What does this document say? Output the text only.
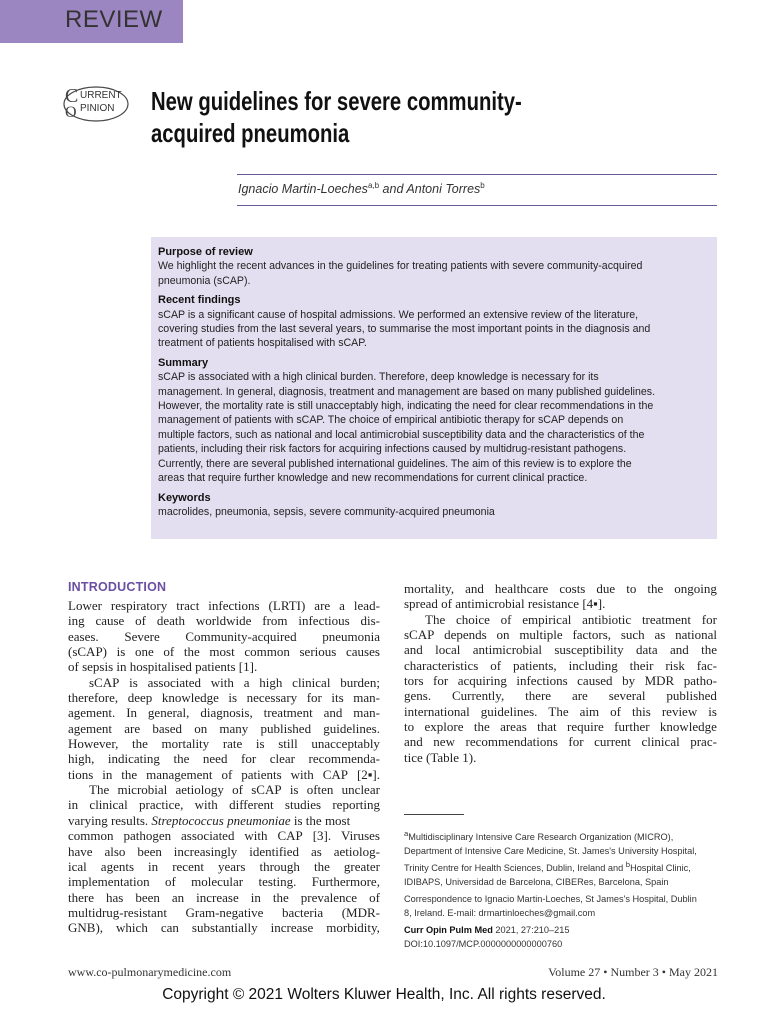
REVIEW
C
O
URRENT
PINION New guidelines for severe community-
acquired pneumonia
Ignacio Martin-Loeches$^{a,b}$ and Antoni Torres$^b$
Purpose of review
We highlight the recent advances in the guidelines for treating patients with severe community-acquired
pneumonia (sCAP).
Recent findings
sCAP is a significant cause of hospital admissions. We performed an extensive review of the literature,
covering studies from the last several years, to summarise the most important points in the diagnosis and
treatment of patients hospitalised with sCAP.
Summary
sCAP is associated with a high clinical burden. Therefore, deep knowledge is necessary for its
management. In general, diagnosis, treatment and management are based on many published guidelines.
However, the mortality rate is still unacceptably high, indicating the need for clear recommendations in the
management of patients with sCAP. The choice of empirical antibiotic therapy for sCAP depends on
multiple factors, such as national and local antimicrobial susceptibility data and the characteristics of the
patients, including their risk factors for acquiring infections caused by multidrug-resistant pathogens.
Currently, there are several published international guidelines. The aim of this review is to explore the
areas that require further knowledge and new recommendations for current clinical practice.
Keywords
macrolides, pneumonia, sepsis, severe community-acquired pneumonia
INTRODUCTION
Lower respiratory tract infections (LRTI) are a lead-
ing cause of death worldwide from infectious dis-
eases. Severe Community-acquired pneumonia
(sCAP) is one of the most common serious causes
of sepsis in hospitalised patients [1].
sCAP is associated with a high clinical burden;
therefore, deep knowledge is necessary for its man-
agement. In general, diagnosis, treatment and man-
agement are based on many published guidelines.
However, the mortality rate is still unacceptably
high, indicating the need for clear recommenda-
tions in the management of patients with CAP [2▪].
The microbial aetiology of sCAP is often unclear
in clinical practice, with different studies reporting
varying results. Streptococcus pneumoniae is the most
common pathogen associated with CAP [3]. Viruses
have also been increasingly identified as aetiolog-
ical agents in recent years through the greater
implementation of molecular testing. Furthermore,
there has been an increase in the prevalence of
multidrug-resistant Gram-negative bacteria (MDR-
GNB), which can substantially increase morbidity,
mortality, and healthcare costs due to the ongoing
spread of antimicrobial resistance [4▪].
The choice of empirical antibiotic treatment for
sCAP depends on multiple factors, such as national
and local antimicrobial susceptibility data and the
characteristics of patients, including their risk fac-
tors for acquiring infections caused by MDR patho-
gens. Currently, there are several published
international guidelines. The aim of this review is
to explore the areas that require further knowledge
and new recommendations for current clinical prac-
tice (Table 1).
$^a$Multidisciplinary Intensive Care Research Organization (MICRO),
Department of Intensive Care Medicine, St. James's University Hospital,
Trinity Centre for Health Sciences, Dublin, Ireland and $^b$Hospital Clinic,
IDIBAPS, Universidad de Barcelona, CIBERes, Barcelona, Spain
Correspondence to Ignacio Martin-Loeches, St James's Hospital, Dublin
8, Ireland. E-mail: drmartinloeches@gmail.com
Curr Opin Pulm Med 2021, 27:210–215
DOI:10.1097/MCP.0000000000000760
www.co-pulmonarymedicine.com	Volume 27 • Number 3 • May 2021
Copyright © 2021 Wolters Kluwer Health, Inc. All rights reserved.
